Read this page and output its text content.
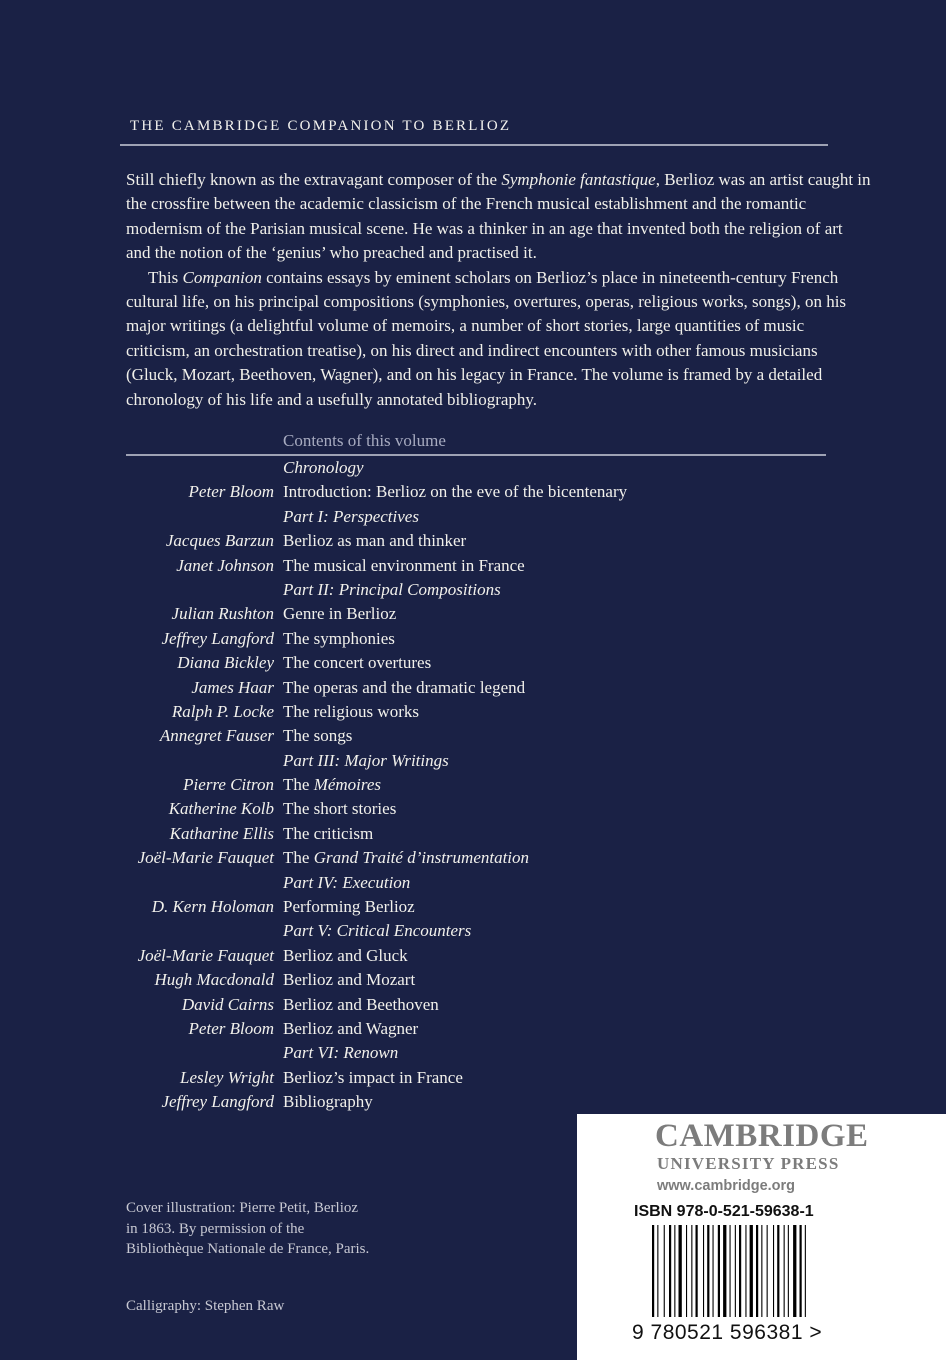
THE CAMBRIDGE COMPANION TO BERLIOZ

Still chiefly known as the extravagant composer of the Symphonie fantastique, Berlioz was an artist caught in
the crossfire between the academic classicism of the French musical establishment and the romantic
modernism of the Parisian musical scene. He was a thinker in an age that invented both the religion of art
and the notion of the ‘genius’ who preached and practised it.

This Companion contains essays by eminent scholars on Berlioz’s place in nineteenth-century French
cultural life, on his principal compositions (symphonies, overtures, operas, religious works, songs), on his
major writings (a delightful volume of memoirs, a number of short stories, large quantities of music
criticism, an orchestration treatise), on his direct and indirect encounters with other famous musicians
(Gluck, Mozart, Beethoven, Wagner), and on his legacy in France. The volume is framed by a detailed
chronology of his life and a usefully annotated bibliography.

Contents of this volume
Chronology
Peter Bloom Introduction: Berlioz on the eve of the bicentenary
Part I: Perspectives
Jacques Barzun Berlioz as man and thinker
Janet Johnson The musical environment in France
Part II: Principal Compositions
Julian Rushton Genre in Berlioz
Jeffrey Langford The symphonies
Diana Bickley The concert overtures
James Haar The operas and the dramatic legend
Ralph P. Locke The religious works
Annegret Fauser The songs
Part III: Major Writings
Pierre Citron The Mémoires
Katherine Kolb The short stories
Katharine Ellis The criticism
Joël-Marie Fauquet The Grand Traité d’instrumentation
Part IV: Execution
D. Kern Holoman Performing Berlioz
Part V: Critical Encounters
Joël-Marie Fauquet Berlioz and Gluck
Hugh Macdonald Berlioz and Mozart
David Cairns Berlioz and Beethoven
Peter Bloom Berlioz and Wagner
Part VI: Renown
Lesley Wright Berlioz’s impact in France
Jeffrey Langford Bibliography
Cover illustration: Pierre Petit, Berlioz
in 1863. By permission of the
Bibliothèque Nationale de France, Paris.
Calligraphy: Stephen Raw
CAMBRIDGE
UNIVERSITY PRESS
www.cambridge.org
ISBN 978-0-521-59638-1
9 780521 596381 >
